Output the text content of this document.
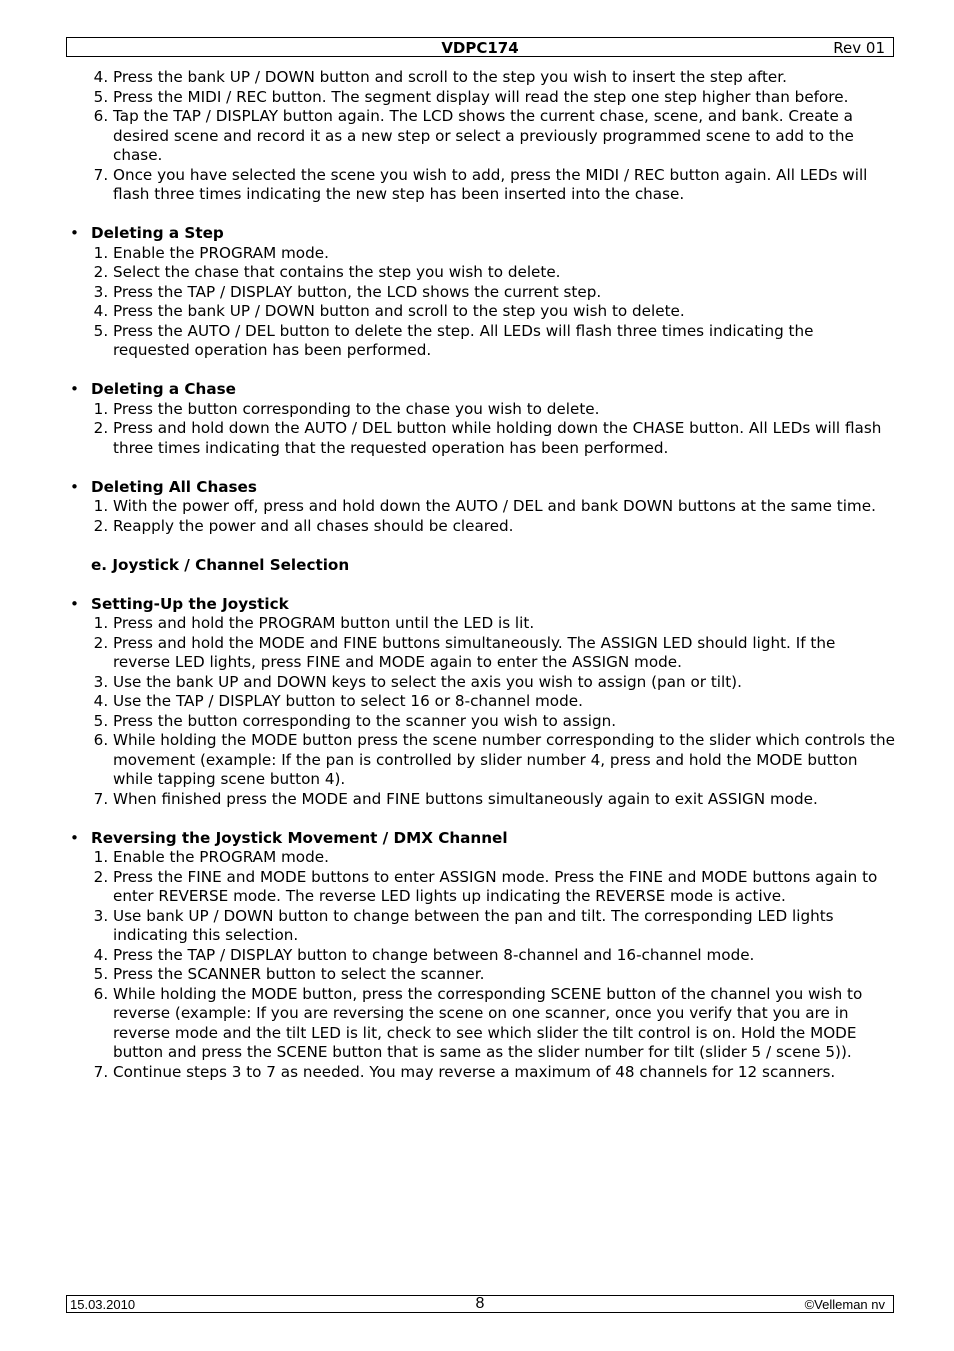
VDPC174	Rev 01
4. Press the bank UP / DOWN button and scroll to the step you wish to insert the step after.
5. Press the MIDI / REC button. The segment display will read the step one step higher than before.
6. Tap the TAP / DISPLAY button again. The LCD shows the current chase, scene, and bank. Create a desired scene and record it as a new step or select a previously programmed scene to add to the chase.
7. Once you have selected the scene you wish to add, press the MIDI / REC button again. All LEDs will flash three times indicating the new step has been inserted into the chase.
• Deleting a Step
1. Enable the PROGRAM mode.
2. Select the chase that contains the step you wish to delete.
3. Press the TAP / DISPLAY button, the LCD shows the current step.
4. Press the bank UP / DOWN button and scroll to the step you wish to delete.
5. Press the AUTO / DEL button to delete the step. All LEDs will flash three times indicating the requested operation has been performed.
• Deleting a Chase
1. Press the button corresponding to the chase you wish to delete.
2. Press and hold down the AUTO / DEL button while holding down the CHASE button. All LEDs will flash three times indicating that the requested operation has been performed.
• Deleting All Chases
1. With the power off, press and hold down the AUTO / DEL and bank DOWN buttons at the same time.
2. Reapply the power and all chases should be cleared.
e. Joystick / Channel Selection
• Setting-Up the Joystick
1. Press and hold the PROGRAM button until the LED is lit.
2. Press and hold the MODE and FINE buttons simultaneously. The ASSIGN LED should light. If the reverse LED lights, press FINE and MODE again to enter the ASSIGN mode.
3. Use the bank UP and DOWN keys to select the axis you wish to assign (pan or tilt).
4. Use the TAP / DISPLAY button to select 16 or 8-channel mode.
5. Press the button corresponding to the scanner you wish to assign.
6. While holding the MODE button press the scene number corresponding to the slider which controls the movement (example: If the pan is controlled by slider number 4, press and hold the MODE button while tapping scene button 4).
7. When finished press the MODE and FINE buttons simultaneously again to exit ASSIGN mode.
• Reversing the Joystick Movement / DMX Channel
1. Enable the PROGRAM mode.
2. Press the FINE and MODE buttons to enter ASSIGN mode. Press the FINE and MODE buttons again to enter REVERSE mode. The reverse LED lights up indicating the REVERSE mode is active.
3. Use bank UP / DOWN button to change between the pan and tilt. The corresponding LED lights indicating this selection.
4. Press the TAP / DISPLAY button to change between 8-channel and 16-channel mode.
5. Press the SCANNER button to select the scanner.
6. While holding the MODE button, press the corresponding SCENE button of the channel you wish to reverse (example: If you are reversing the scene on one scanner, once you verify that you are in reverse mode and the tilt LED is lit, check to see which slider the tilt control is on. Hold the MODE button and press the SCENE button that is same as the slider number for tilt (slider 5 / scene 5)).
7. Continue steps 3 to 7 as needed. You may reverse a maximum of 48 channels for 12 scanners.
15.03.2010	8	©Velleman nv
